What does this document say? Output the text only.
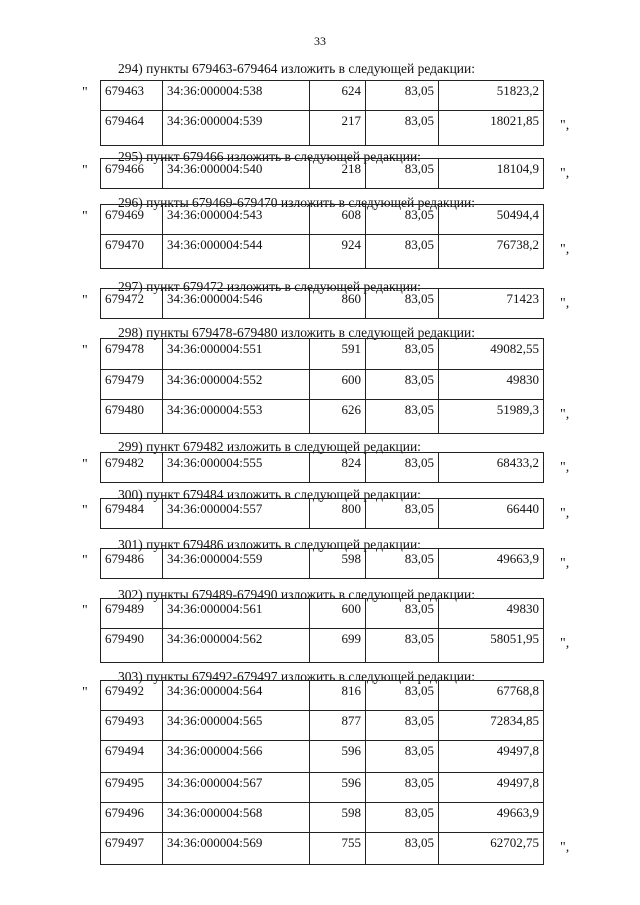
33
294) пункты 679463-679464 изложить в следующей редакции:
679463	34:36:000004:538	624	83,05	51823,2
679464	34:36:000004:539	217	83,05	18021,85
"
",
295) пункт 679466 изложить в следующей редакции:
679466	34:36:000004:540	218	83,05	18104,9
"	",
296) пункты 679469-679470 изложить в следующей редакции:
679469	34:36:000004:543	608	83,05	50494,4
679470	34:36:000004:544	924	83,05	76738,2
"
",
297) пункт 679472 изложить в следующей редакции:
679472	34:36:000004:546	860	83,05	71423
"	",
298) пункты 679478-679480 изложить в следующей редакции:
679478	34:36:000004:551	591	83,05	49082,55
679479	34:36:000004:552	600	83,05	49830
679480	34:36:000004:553	626	83,05	51989,3
"
",
299) пункт 679482 изложить в следующей редакции:
679482	34:36:000004:555	824	83,05	68433,2
"	",
300) пункт 679484 изложить в следующей редакции:
679484	34:36:000004:557	800	83,05	66440
"	",
301) пункт 679486 изложить в следующей редакции:
679486	34:36:000004:559	598	83,05	49663,9
"	",
302) пункты 679489-679490 изложить в следующей редакции:
679489	34:36:000004:561	600	83,05	49830
679490	34:36:000004:562	699	83,05	58051,95
"
",
303) пункты 679492-679497 изложить в следующей редакции:
679492	34:36:000004:564	816	83,05	67768,8
679493	34:36:000004:565	877	83,05	72834,85
679494	34:36:000004:566	596	83,05	49497,8
679495	34:36:000004:567	596	83,05	49497,8
679496	34:36:000004:568	598	83,05	49663,9
679497	34:36:000004:569	755	83,05	62702,75
"
",
